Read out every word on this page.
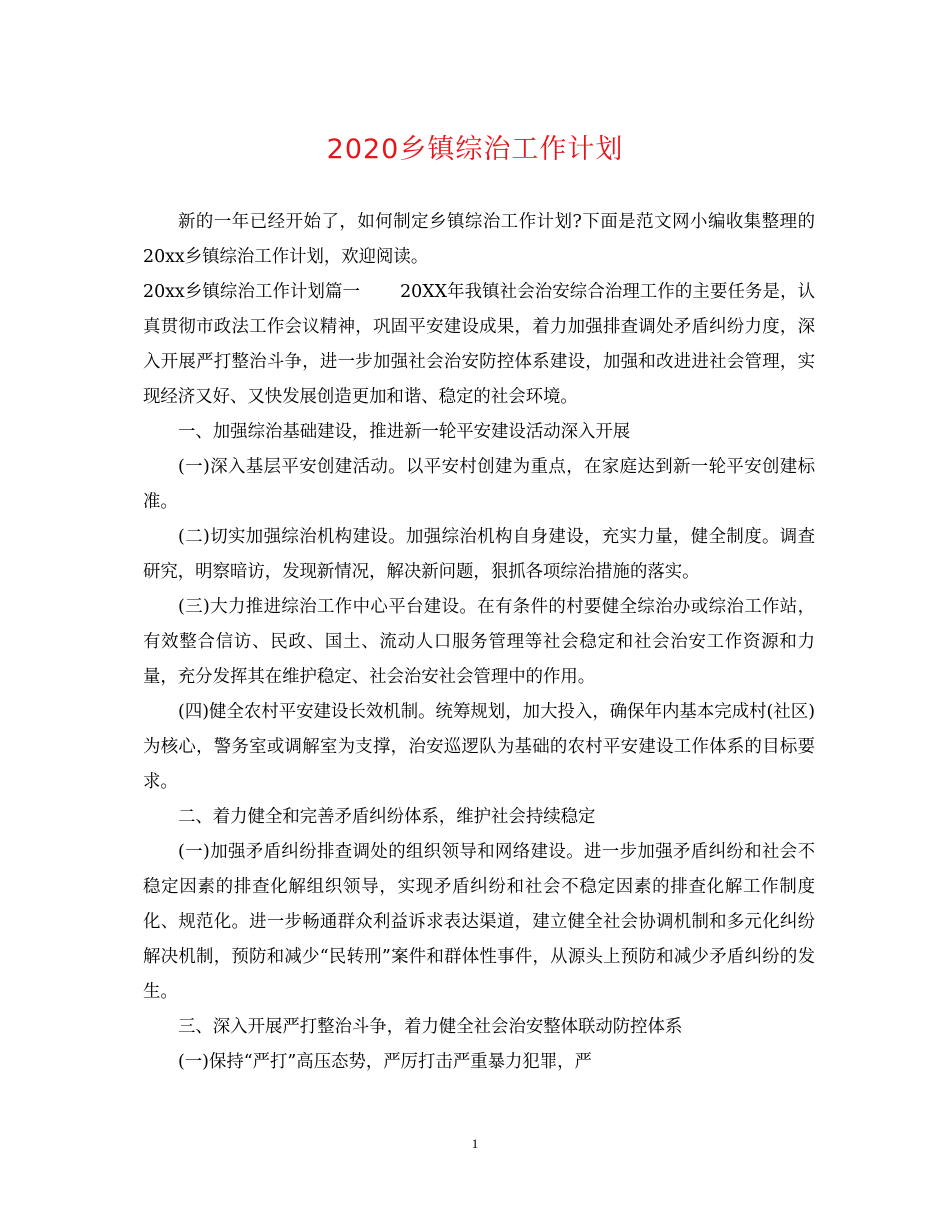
2020乡镇综治工作计划

新的一年已经开始了，如何制定乡镇综治工作计划?下面是范文网小编收集整理的20xx乡镇综治工作计划，欢迎阅读。

20xx乡镇综治工作计划篇一 20XX年我镇社会治安综合治理工作的主要任务是，认真贯彻市政法工作会议精神，巩固平安建设成果，着力加强排查调处矛盾纠纷力度，深入开展严打整治斗争，进一步加强社会治安防控体系建设，加强和改进进社会管理，实现经济又好、又快发展创造更加和谐、稳定的社会环境。

一、加强综治基础建设，推进新一轮平安建设活动深入开展

(一)深入基层平安创建活动。以平安村创建为重点，在家庭达到新一轮平安创建标准。

(二)切实加强综治机构建设。加强综治机构自身建设，充实力量，健全制度。调查研究，明察暗访，发现新情况，解决新问题，狠抓各项综治措施的落实。

(三)大力推进综治工作中心平台建设。在有条件的村要健全综治办或综治工作站，有效整合信访、民政、国土、流动人口服务管理等社会稳定和社会治安工作资源和力量，充分发挥其在维护稳定、社会治安社会管理中的作用。

(四)健全农村平安建设长效机制。统筹规划，加大投入，确保年内基本完成村(社区)为核心，警务室或调解室为支撑，治安巡逻队为基础的农村平安建设工作体系的目标要求。

二、着力健全和完善矛盾纠纷体系，维护社会持续稳定

(一)加强矛盾纠纷排查调处的组织领导和网络建设。进一步加强矛盾纠纷和社会不稳定因素的排查化解组织领导，实现矛盾纠纷和社会不稳定因素的排查化解工作制度化、规范化。进一步畅通群众利益诉求表达渠道，建立健全社会协调机制和多元化纠纷解决机制，预防和减少“民转刑”案件和群体性事件，从源头上预防和减少矛盾纠纷的发生。

三、深入开展严打整治斗争，着力健全社会治安整体联动防控体系

(一)保持“严打”高压态势，严厉打击严重暴力犯罪，严

1
